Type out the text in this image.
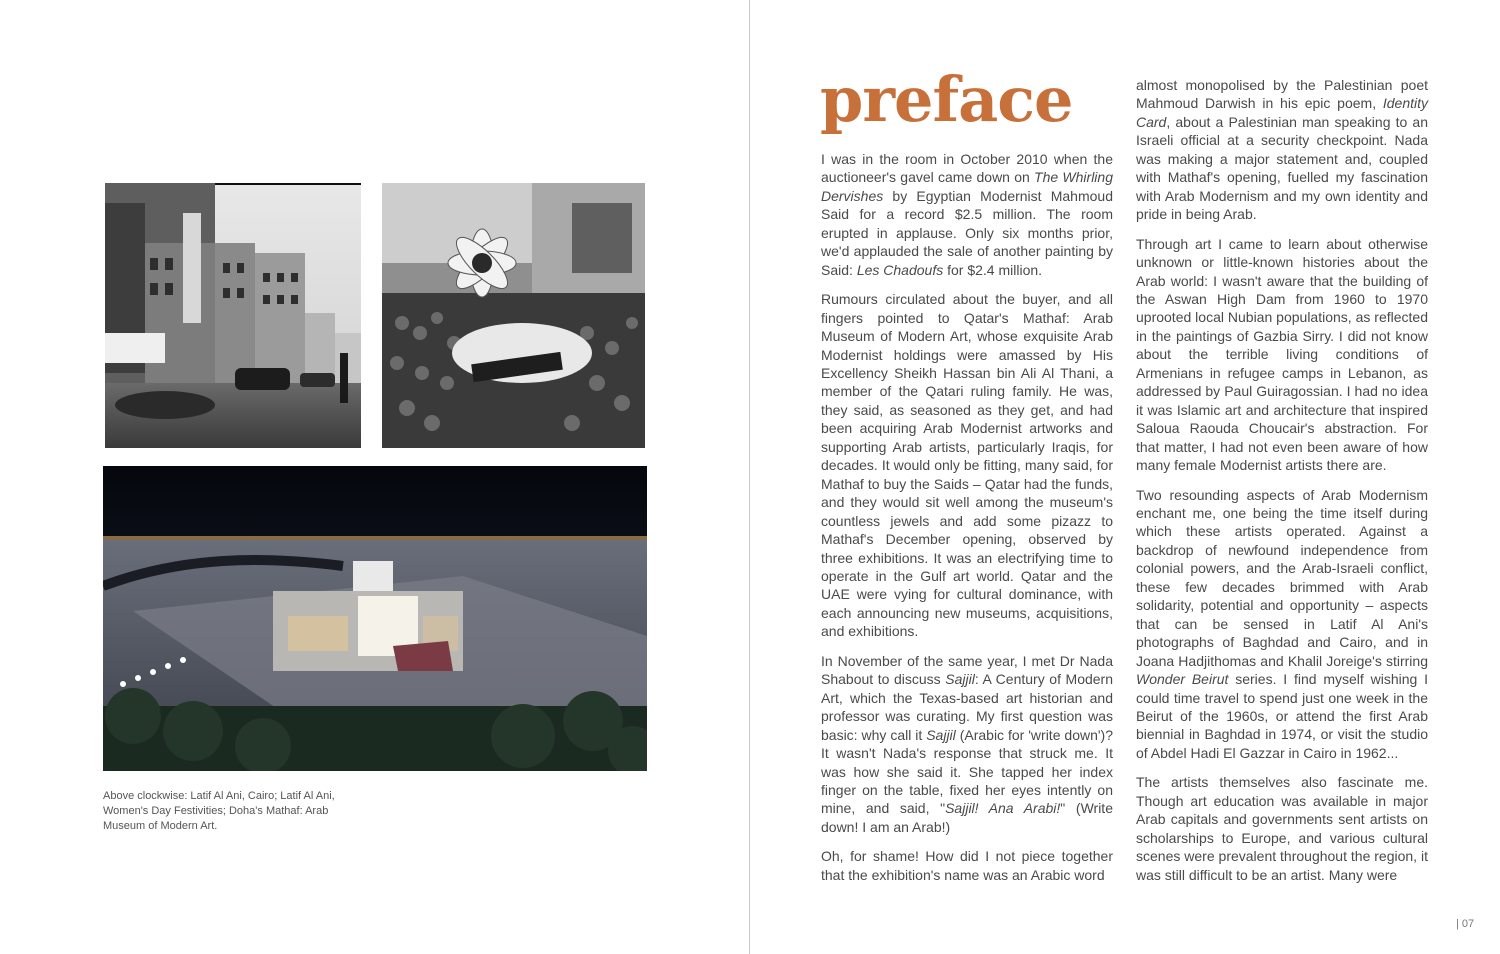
Above clockwise: Latif Al Ani, Cairo; Latif Al Ani, Women's Day Festivities; Doha's Mathaf: Arab Museum of Modern Art.
preface

I was in the room in October 2010 when the auctioneer's gavel came down on The Whirling Dervishes by Egyptian Modernist Mahmoud Said for a record $2.5 million. The room erupted in applause. Only six months prior, we'd applauded the sale of another painting by Said: Les Chadoufs for $2.4 million.

Rumours circulated about the buyer, and all fingers pointed to Qatar's Mathaf: Arab Museum of Modern Art, whose exquisite Arab Modernist holdings were amassed by His Excellency Sheikh Hassan bin Ali Al Thani, a member of the Qatari ruling family. He was, they said, as seasoned as they get, and had been acquiring Arab Modernist artworks and supporting Arab artists, particularly Iraqis, for decades. It would only be fitting, many said, for Mathaf to buy the Saids – Qatar had the funds, and they would sit well among the museum's countless jewels and add some pizazz to Mathaf's December opening, observed by three exhibitions. It was an electrifying time to operate in the Gulf art world. Qatar and the UAE were vying for cultural dominance, with each announcing new museums, acquisitions, and exhibitions.

In November of the same year, I met Dr Nada Shabout to discuss Sajjil: A Century of Modern Art, which the Texas-based art historian and professor was curating. My first question was basic: why call it Sajjil (Arabic for 'write down')? It wasn't Nada's response that struck me. It was how she said it. She tapped her index finger on the table, fixed her eyes intently on mine, and said, "Sajjil! Ana Arabi!" (Write down! I am an Arab!)

Oh, for shame! How did I not piece together that the exhibition's name was an Arabic word

almost monopolised by the Palestinian poet Mahmoud Darwish in his epic poem, Identity Card, about a Palestinian man speaking to an Israeli official at a security checkpoint. Nada was making a major statement and, coupled with Mathaf's opening, fuelled my fascination with Arab Modernism and my own identity and pride in being Arab.

Through art I came to learn about otherwise unknown or little-known histories about the Arab world: I wasn't aware that the building of the Aswan High Dam from 1960 to 1970 uprooted local Nubian populations, as reflected in the paintings of Gazbia Sirry. I did not know about the terrible living conditions of Armenians in refugee camps in Lebanon, as addressed by Paul Guiragossian. I had no idea it was Islamic art and architecture that inspired Saloua Raouda Choucair's abstraction. For that matter, I had not even been aware of how many female Modernist artists there are.

Two resounding aspects of Arab Modernism enchant me, one being the time itself during which these artists operated. Against a backdrop of newfound independence from colonial powers, and the Arab-Israeli conflict, these few decades brimmed with Arab solidarity, potential and opportunity – aspects that can be sensed in Latif Al Ani's photographs of Baghdad and Cairo, and in Joana Hadjithomas and Khalil Joreige's stirring Wonder Beirut series. I find myself wishing I could time travel to spend just one week in the Beirut of the 1960s, or attend the first Arab biennial in Baghdad in 1974, or visit the studio of Abdel Hadi El Gazzar in Cairo in 1962...

The artists themselves also fascinate me. Though art education was available in major Arab capitals and governments sent artists on scholarships to Europe, and various cultural scenes were prevalent throughout the region, it was still difficult to be an artist. Many were

| 07
